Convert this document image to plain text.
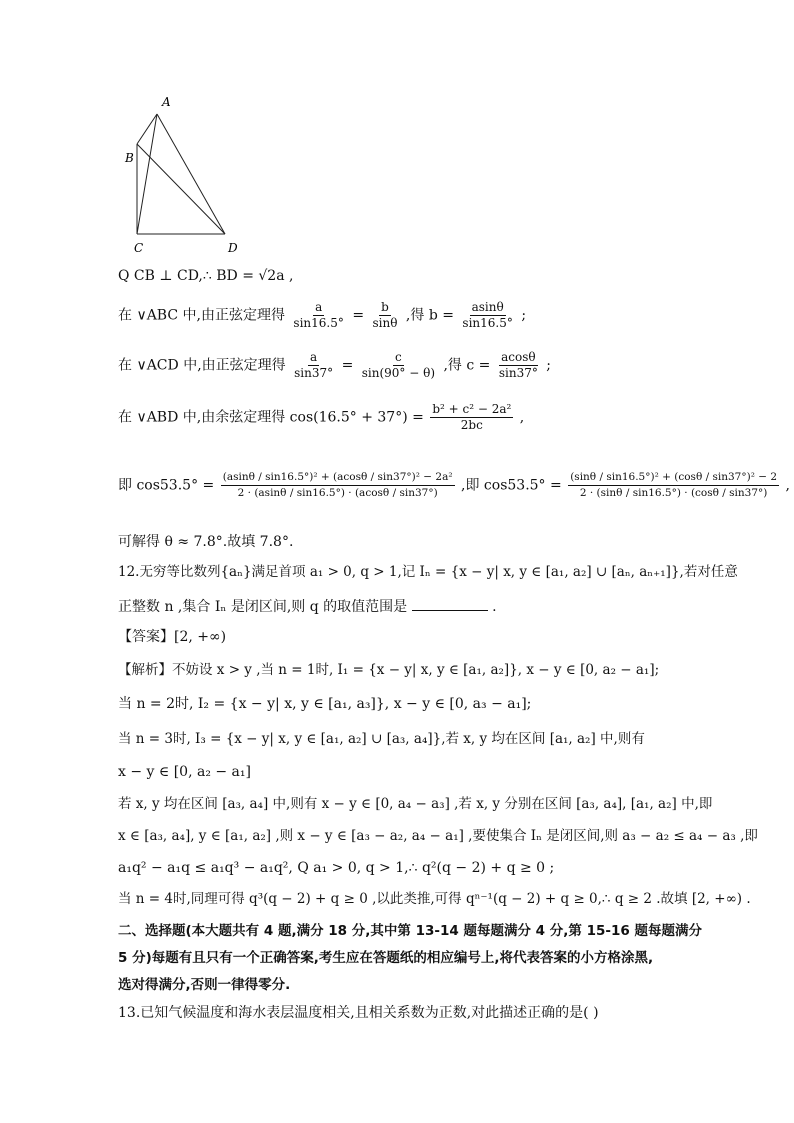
A
B
C	D
Q CB ⊥ CD,∴ BD = √2a ,
在 ∨ABC 中,由正弦定理得 $\frac{a}{\sin 16.5^\circ} = \frac{b}{\sin\theta}$ ,得 $b = \frac{asin\theta}{\sin 16.5^\circ}$ ;
在 ∨ACD 中,由正弦定理得 $\frac{a}{\sin 37^\circ} = \frac{c}{\sin(90^\circ - \theta)}$ ,得 $c = \frac{acos\theta}{\sin 37^\circ}$ ;
在 ∨ABD 中,由余弦定理得 $\cos(16.5^\circ + 37^\circ) = \frac{\text{b² + c² − 2a²}}{2bc}$ ,
即 $\cos 53.5^\circ = \frac{\text{(asinθ / sin16.5°)² + (acosθ / sin37°)² − 2a²}}{2 \cdot (asin\theta / \sin 16.5^\circ) \cdot (acos\theta / \sin 37^\circ)}$ ,即 $\cos 53.5^\circ = \frac{\text{(sinθ / sin16.5°)² + (cosθ / sin37°)² − 2}}{2 \cdot (\sin\theta / \sin 16.5^\circ) \cdot (\cos\theta / \sin 37^\circ)}$ ,
可解得 θ ≈ 7.8°.故填 7.8°.
12.无穷等比数列{aₙ}满足首项 a₁ > 0, q > 1,记 Iₙ = {x − y| x, y ∈ [a₁, a₂] ∪ [aₙ, aₙ₊₁]},若对任意
正整数 n ,集合 Iₙ 是闭区间,则 q 的取值范围是	.
【答案】[2, +∞)
【解析】不妨设 x > y ,当 n = 1时, I₁ = {x − y| x, y ∈ [a₁, a₂]}, x − y ∈ [0, a₂ − a₁];
当 n = 2时, I₂ = {x − y| x, y ∈ [a₁, a₃]}, x − y ∈ [0, a₃ − a₁];
当 n = 3时, I₃ = {x − y| x, y ∈ [a₁, a₂] ∪ [a₃, a₄]},若 x, y 均在区间 [a₁, a₂] 中,则有
x − y ∈ [0, a₂ − a₁]
若 x, y 均在区间 [a₃, a₄] 中,则有 x − y ∈ [0, a₄ − a₃] ,若 x, y 分别在区间 [a₃, a₄], [a₁, a₂] 中,即
x ∈ [a₃, a₄], y ∈ [a₁, a₂] ,则 x − y ∈ [a₃ − a₂, a₄ − a₁] ,要使集合 Iₙ 是闭区间,则 a₃ − a₂ ≤ a₄ − a₃ ,即
a₁q² − a₁q ≤ a₁q³ − a₁q², Q a₁ > 0, q > 1,∴ q²(q − 2) + q ≥ 0 ;
当 n = 4时,同理可得 q³(q − 2) + q ≥ 0 ,以此类推,可得 qⁿ⁻¹(q − 2) + q ≥ 0,∴ q ≥ 2 .故填 [2, +∞) .
二、选择题(本大题共有 4 题,满分 18 分,其中第 13-14 题每题满分 4 分,第 15-16 题每题满分
5 分)每题有且只有一个正确答案,考生应在答题纸的相应编号上,将代表答案的小方格涂黑,
选对得满分,否则一律得零分.
13.已知气候温度和海水表层温度相关,且相关系数为正数,对此描述正确的是( )
